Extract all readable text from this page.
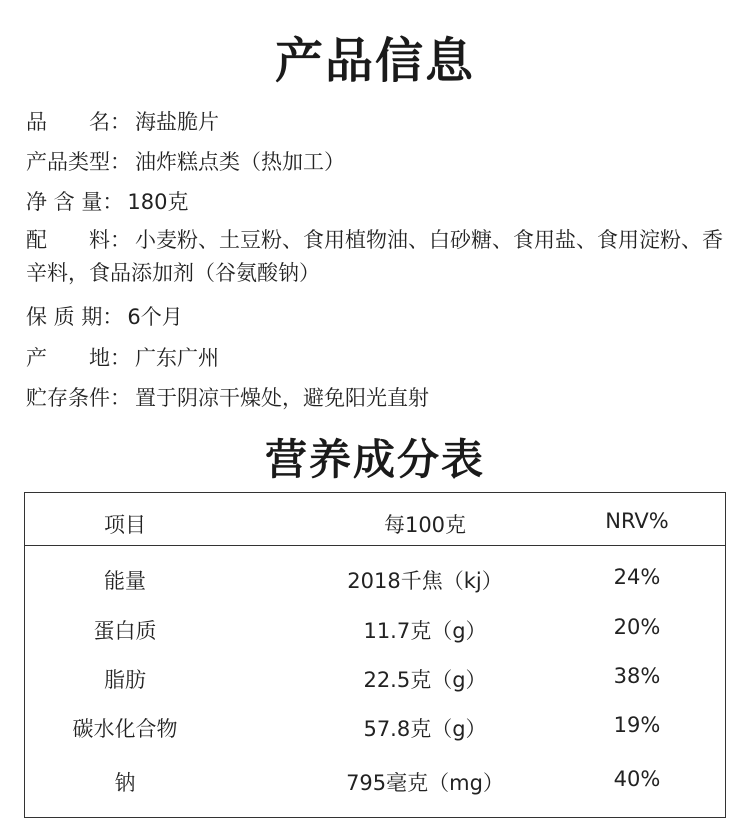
产品信息
品　　名： 海盐脆片
产品类型： 油炸糕点类（热加工）
净 含 量： 180克
配　　料： 小麦粉、土豆粉、食用植物油、白砂糖、食用盐、食用淀粉、香辛料，食品添加剂（谷氨酸钠）
保 质 期： 6个月
产　　地： 广东广州
贮存条件： 置于阴凉干燥处，避免阳光直射
营养成分表
项目	每100克	NRV%
能量	2018千焦（kj）	24%
蛋白质	11.7克（g）	20%
脂肪	22.5克（g）	38%
碳水化合物	57.8克（g）	19%
钠	795毫克（mg）	40%
